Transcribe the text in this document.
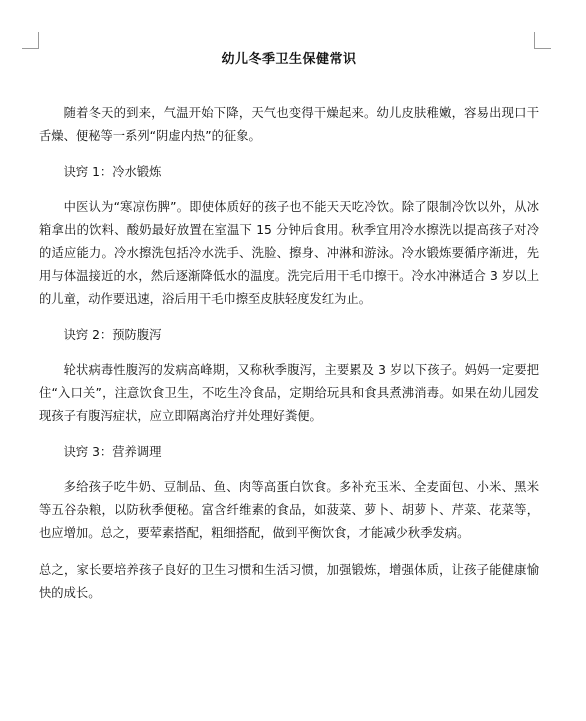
幼儿冬季卫生保健常识

随着冬天的到来，气温开始下降，天气也变得干燥起来。幼儿皮肤稚嫩，容易出现口干舌燥、便秘等一系列“阴虚内热”的征象。

诀窍 1：冷水锻炼

中医认为“寒凉伤脾”。即使体质好的孩子也不能天天吃冷饮。除了限制冷饮以外，从冰箱拿出的饮料、酸奶最好放置在室温下 15 分钟后食用。秋季宜用冷水擦洗以提高孩子对冷的适应能力。冷水擦洗包括冷水洗手、洗脸、擦身、冲淋和游泳。冷水锻炼要循序渐进，先用与体温接近的水，然后逐渐降低水的温度。洗完后用干毛巾擦干。冷水冲淋适合 3 岁以上的儿童，动作要迅速，浴后用干毛巾擦至皮肤轻度发红为止。

诀窍 2：预防腹泻

轮状病毒性腹泻的发病高峰期，又称秋季腹泻，主要累及 3 岁以下孩子。妈妈一定要把住“入口关”，注意饮食卫生，不吃生冷食品，定期给玩具和食具煮沸消毒。如果在幼儿园发现孩子有腹泻症状，应立即隔离治疗并处理好粪便。

诀窍 3：营养调理

多给孩子吃牛奶、豆制品、鱼、肉等高蛋白饮食。多补充玉米、全麦面包、小米、黑米等五谷杂粮，以防秋季便秘。富含纤维素的食品，如菠菜、萝卜、胡萝卜、芹菜、花菜等，也应增加。总之，要荤素搭配，粗细搭配，做到平衡饮食，才能减少秋季发病。

总之，家长要培养孩子良好的卫生习惯和生活习惯，加强锻炼，增强体质，让孩子能健康愉快的成长。
